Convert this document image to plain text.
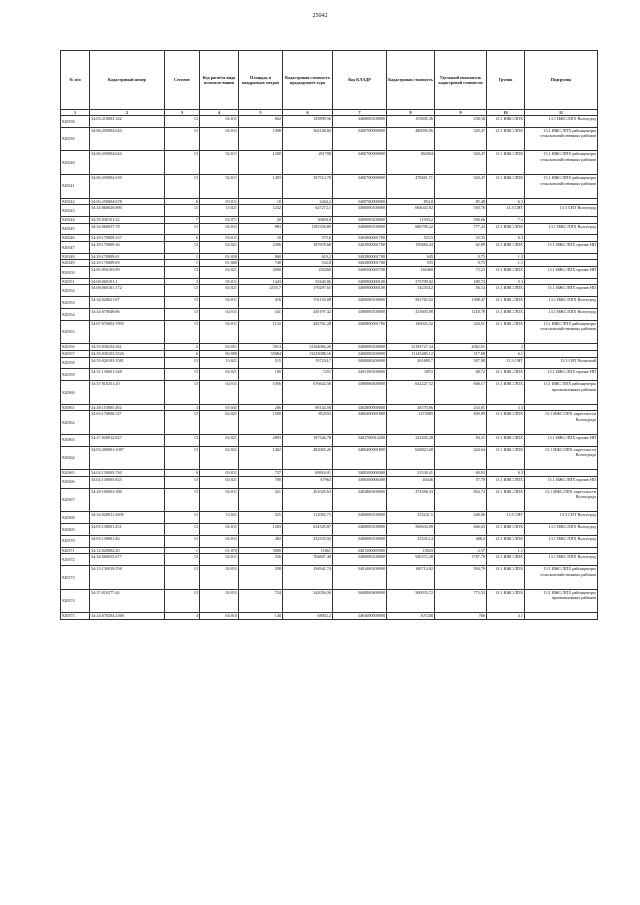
25042
№ п/п	Кадастровый номер	Сегмент	Код расчёта вида использо-вания	Площадь в квадратных метрах	Кадастровая стоимость предыдущего тура	Код КЛАДР	Кадастровая стоимость	Удельный показатель кадастровой стоимости	Группа	Подгруппа
1	2	3	4	5	6	7	8	9	10	11
920338	34:03:210003:342	13	02:011	602	129899,56	3400000100000	155605,36	258,58	13.1 ИЖС/ЛПХ	13.1 ИЖС/ЛПХ Волгоград
920339	34:06:250004:620	13	02:011	1498	364148,82	3400700000000	480056,06	320,47	13.1 ИЖС/ЛПХ	13.1 ИЖС/ЛПХ районцентры сельскохозяйственных районов
920340	34:06:250004:624	13	02:011	1200	291708	3400700000000	384564	320,47	13.1 ИЖС/ЛПХ	13.1 ИЖС/ЛПХ районцентры сельскохозяйственных районов
920341	34:06:250004:639	13	02:011	1493	357513,78	3400700000000	478461,71	320,47	13.1 ИЖС/ЛПХ	13.1 ИЖС/ЛПХ районцентры сельскохозяйственных районов
920342	34:06:250004:678	6	03:011	10	2444,2	3400700000000	854,8	85,48	6.3	
920343	34:34:060020:800	13	13:021	1242	627272,1	3400000100000	684043,92	550,76	13.3 СНТ	13.3 СНТ Волгоград
920344	34:35:030101:22	7	02:071	20	30694,8	3400000200000	11933,2	596,66	7.1	
920345	34:34:060037:78	13	02:011	883	1185356,89	3400000100000	686709,22	777,24	13.1 ИЖС/ЛПХ	13.1 ИЖС/ЛПХ Волгоград
920346	34:29:170009:237	6	03:011	10	575,6	3402900001700	533,5	53,35	6.3	
920347	34:29:170009:36	13	02:021	2396	187678,68	3402900001700	150684,44	62,89	13.1 ИЖС/ЛПХ	13.1 ИЖС/ЛПХ прочие НП
920348	34:29:170009:61	1	01:030	860	619,2	3402900001700	645	0,75	1.3	
920349	34:29:170009:69	1	01:060	740	532,8	3402900001700	555	0,75	1.1	
920350	34:05:050103:89	13	02:021	2000	230260	3400500005700	146460	73,23	13.1 ИЖС/ЛПХ	13.1 ИЖС/ЛПХ прочие НП
920351	34:08:060101:1	3	05:011	1443	55440,06	3400900000100	273709,82	189,74	3.3	
920352	34:08:060101:172	13	02:021	2535,7	170297,61	3400900000100	142354,2	56,14	13.1 ИЖС/ЛПХ	13.1 ИЖС/ЛПХ прочие НП
920353	34:34:020021:87	13	02:011	416	551150,08	3400000100000	581763,52	1398,47	13.1 ИЖС/ЛПХ	13.1 ИЖС/ЛПХ Волгоград
920354	34:34:070048:86	13	02:011	341	430197,42	3400000100000	415603,08	1218,78	13.1 ИЖС/ЛПХ	13.1 ИЖС/ЛПХ Волгоград
920355	34:07:070003:7895	13	02:011	1132	282762,28	3400800001700	146943,32	324,51	13.1 ИЖС/ЛПХ	13.1 ИЖС/ЛПХ районцентры сельскохозяйственных районов
920356	34:35:030234:361	2	02:051	5914	13164066,26	3400000200000	12194727,34	2062,01	2	
920357	34:35:030103:3526	6	06:000	35084	13235088,16	3400000200000	11145485,12	317,68	6.1	
920358	34:35:020103:3581	13	13:021	515	197234,7	3400000200000	261689,7	507,98	13.3 СНТ	13.3 СНТ Волжский
920359	34:31:130001:548	13	02:021	100	7251	3403100100000	6872	68,72	13.1 ИЖС/ЛПХ	13.1 ИЖС/ЛПХ прочие НП
920360	34:37:010251:20	13	02:011	1056	676642,56	3400000400000	642227,52	608,17	13.1 ИЖС/ЛПХ	13.1 ИЖС/ЛПХ районцентры промышленных районов
920361	34:28:110005:492	3	05:041	206	98144,58	3402800000000	48370,86	234,81	3.3	
920362	34:03:170006:327	13	02:021	1500	852555	3400400001800	1274985	849,99	13.1 ИЖС/ЛПХ	13.1 ИЖС/ЛПХ окрестности Волгограда
920363	34:27:020012:827	13	02:021	2893	197326,78	3402700014200	225205,28	84,11	13.1 ИЖС/ЛПХ	13.1 ИЖС/ЛПХ прочие НП
920364	34:03:200001:1087	13	02:021	1462	482065,26	3400400001800	620823,68	424,64	13.1 ИЖС/ЛПХ	13.1 ИЖС/ЛПХ окрестности Волгограда
920365	34:02:130005:740	6	03:011	737	69816,01	3400300000400	51538,41	69,93	6.3	
920366	34:02:130005:825	13	02:021	700	67963	3400300000400	40446	57,78	13.1 ИЖС/ЛПХ	13.1 ИЖС/ЛПХ прочие НП
920367	34:28:100003:586	13	02:011	321	261045,63	3402800200000	274368,33	854,73	13.1 ИЖС/ЛПХ	13.1 ИЖС/ЛПХ окрестности Волгограда
920368	34:34:020011:4309	13	13:021	525	112092,75	3400000100000	235231,5	448,06	13.3 СНТ	13.3 СНТ Волгоград
920369	34:03:130001:451	13	02:011	1203	634329,87	3400000100000	560634,09	466,03	13.1 ИЖС/ЛПХ	13.1 ИЖС/ЛПХ Волгоград
920370	34:03:130001:46	13	02:011	482	252335,92	3400000100000	235312,4	488,2	13.1 ИЖС/ЛПХ	13.1 ИЖС/ЛПХ Волгоград
920371	34:12:020002:20	1	01:070	3900	11661	3401300005900	10023	2,57	1.1	
920372	34:34:060055:677	13	02:011	526	704807,48	3400000100000	940372,28	1787,78	13.1 ИЖС/ЛПХ	13.1 ИЖС/ЛПХ Волгоград
920373	34:15:130019:558	13	02:011	358	194941,74	3401400100000	180714,82	504,79	13.1 ИЖС/ЛПХ	13.1 ИЖС/ЛПХ районцентры сельскохозяйственных районов
920374	34:37:010277:44	13	02:011	724	542056,56	3400000400000	560035,72	773,53	13.1 ИЖС/ЛПХ	13.1 ИЖС/ЛПХ районцентры промышленных районов
920375	34:24:070204:2569	4	04:010	140	68002,2	3401600000000	107240	766	4.1	
